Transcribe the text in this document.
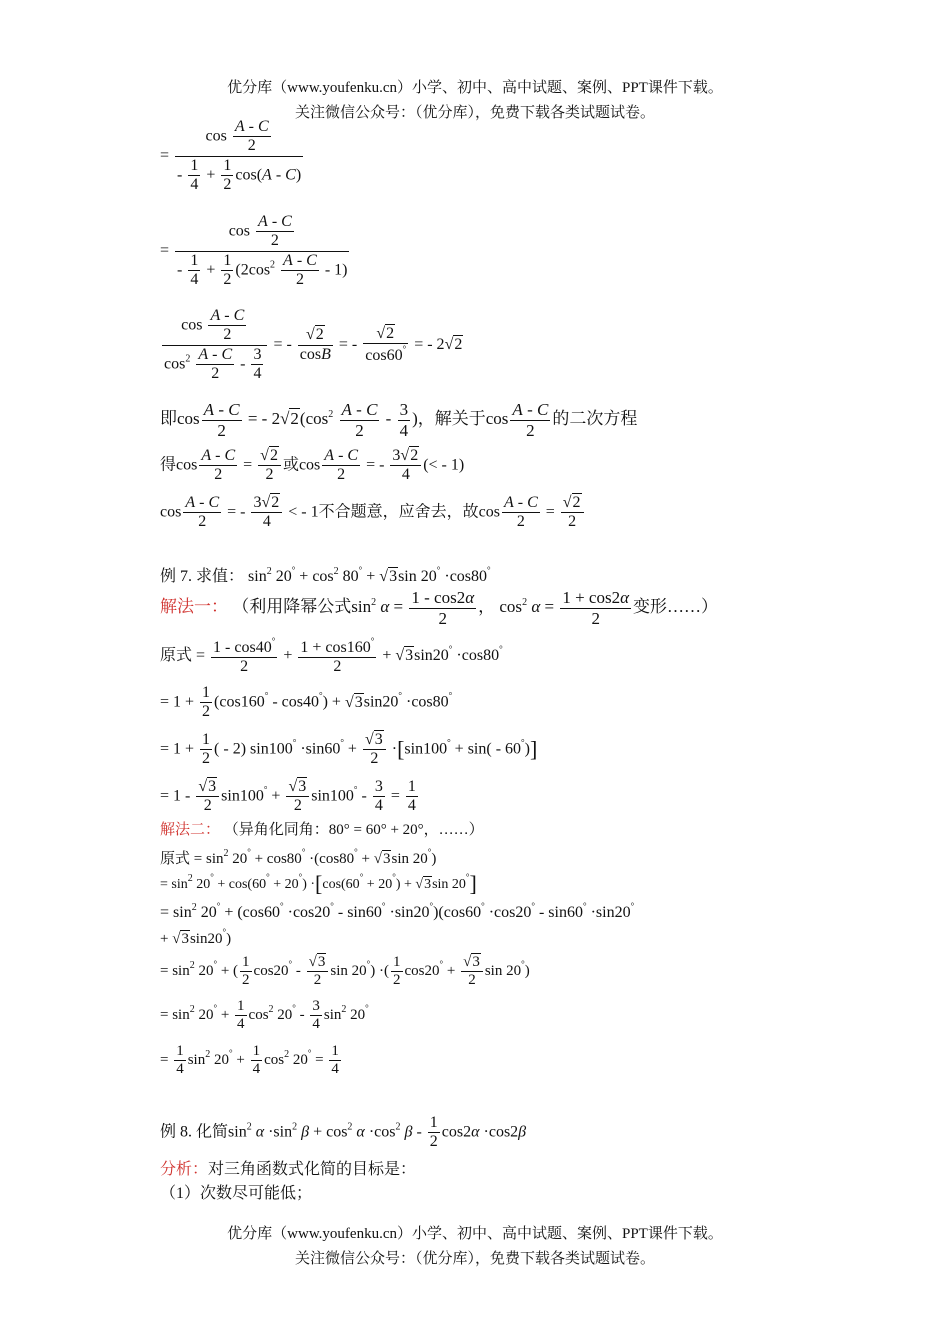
优分库（www.youfenku.cn）小学、初中、高中试题、案例、PPT课件下载。
关注微信公众号：（优分库），免费下载各类试题试卷。
= $\frac{\cos \frac{A - C}{2}}{- \frac{1}{4} + \frac{1}{2} \cos(A - C)}$
= $\frac{\cos \frac{A - C}{2}}{- \frac{1}{4} + \frac{1}{2} (2\cos^2 \frac{A - C}{2} - 1)}$
$\frac{\cos \frac{A - C}{2}}{\cos^2 \frac{A - C}{2} - \frac{3}{4}}$ = - $\frac{√2}{\cos B}$ = - $\frac{√2}{\cos 60^\circ}$ = - 2√2
即$\cos \frac{A - C}{2}$ = - $2√2(\cos^2 \frac{A - C}{2} - \frac{3}{4}$ )，解关于$\cos \frac{A - C}{2}$ 的二次方程
得$\cos \frac{A - C}{2} = \frac{√2}{2}$ 或$\cos \frac{A - C}{2}$ = - $\frac{3√2}{4}$ (< - 1)
$\cos \frac{A - C}{2}$ = - $\frac{3√2}{4}$ < - 1不合题意，应舍去，故$\cos \frac{A - C}{2} = \frac{√2}{2}$
例 7. 求值： $\sin^2 20^\circ + \cos^2 80^\circ + √3\sin$ 20° ·cos80°
解法一： （利用降幂公式$\sin^2 \alpha = \frac{1 - \cos 2\alpha}{2}$ ， $\cos^2 \alpha = \frac{1 + \cos 2\alpha}{2}$ 变形……）
原式 = $\frac{1 - \cos 40^\circ}{2} + \frac{1 + \cos 160^\circ}{2} + √3\sin 20^\circ \cdot\cos 80^\circ$
= $1 + \frac{1}{2} (\cos 160^\circ - \cos 40^\circ) + √3\sin 20^\circ \cdot\cos 80^\circ$
= $1 + \frac{1}{2}$ ( - 2) $\sin 100^\circ \cdot\sin 60^\circ + \frac{√3}{2} \cdot[\sin 100^\circ + \sin( - 60^\circ)]$
= $1 - \frac{√3}{2} \sin 100^\circ + \frac{√3}{2} \sin 100^\circ - \frac{3}{4} = \frac{1}{4}$
解法二： （异角化同角：80° = 60° + 20°，……）
原式 = $\sin^2 20^\circ + \cos 80^\circ \cdot(\cos 80^\circ + √3\sin$ 20°)
= $\sin^2 20^\circ + \cos(60^\circ + 20^\circ) \cdot[\cos(60^\circ + 20^\circ) + √3\sin$ 20°]
= $\sin^2 20^\circ + (\cos 60^\circ \cdot\cos 20^\circ - \sin 60^\circ \cdot\sin 20^\circ)(\cos 60^\circ \cdot\cos 20^\circ - \sin 60^\circ \cdot\sin 20^\circ$
+ √3sin20°)
= $\sin^2 20^\circ$ + ( $\frac{1}{2} \cos 20^\circ - \frac{√3}{2}$ sin 20°) ·( $\frac{1}{2} \cos 20^\circ + \frac{√3}{2}$ sin 20°)
= $\sin^2 20^\circ + \frac{1}{4} \cos^2 20^\circ - \frac{3}{4} \sin^2 20^\circ$
= $\frac{1}{4} \sin^2 20^\circ + \frac{1}{4} \cos^2 20^\circ = \frac{1}{4}$
例 8. 化简$\sin^2 \alpha \cdot\sin^2$ $\beta + \cos^2 \alpha \cdot\cos^2$ $\beta - \frac{1}{2} \cos 2\alpha \cdot\cos 2\beta$
分析：对三角函数式化简的目标是：
（1）次数尽可能低；
优分库（www.youfenku.cn）小学、初中、高中试题、案例、PPT课件下载。
关注微信公众号：（优分库），免费下载各类试题试卷。
